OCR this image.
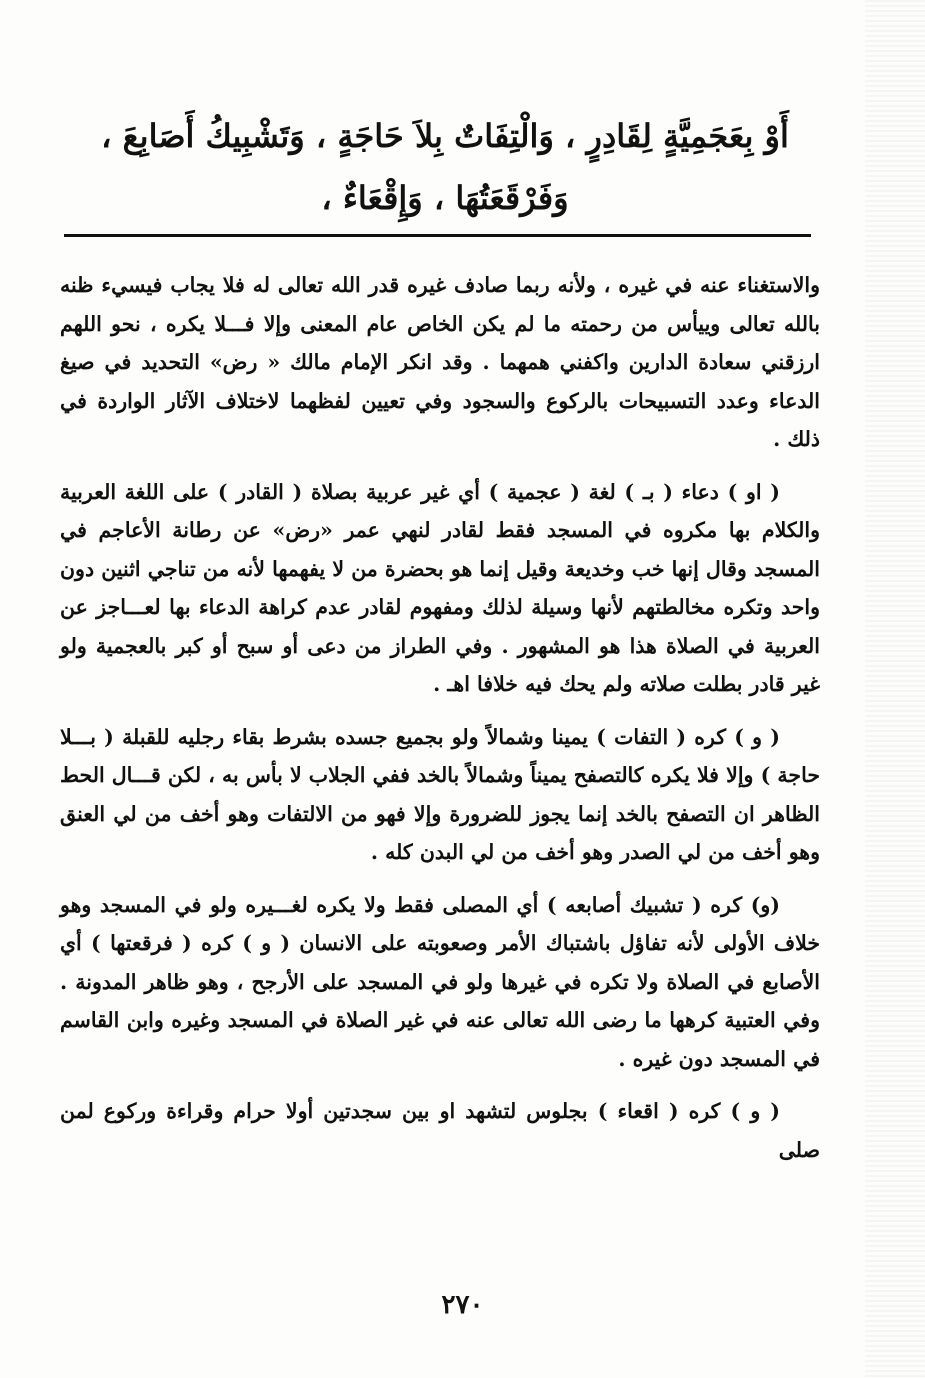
أَوْ بِعَجَمِيَّةٍ لِقَادِرٍ ، وَالْتِفَاتٌ بِلاَ حَاجَةٍ ، وَتَشْبِيكُ أَصَابِعَ ،
وَفَرْقَعَتُهَا ، وَإِقْعَاءٌ ،

والاستغناء عنه في غيره ، ولأنه ربما صادف غيره قدر الله تعالى له فلا يجاب فيسيء ظنه بالله تعالى وييأس من رحمته ما لم يكن الخاص عام المعنى وإلا فـــلا يكره ، نحو اللهم ارزقني سعادة الدارين واكفني همهما . وقد انكر الإمام مالك « رض» التحديد في صيغ الدعاء وعدد التسبيحات بالركوع والسجود وفي تعيين لفظهما لاختلاف الآثار الواردة في ذلك .

( او ) دعاء ( بـ ) لغة ( عجمية ) أي غير عربية بصلاة ( القادر ) على اللغة العربية والكلام بها مكروه في المسجد فقط لقادر لنهي عمر «رض» عن رطانة الأعاجم في المسجد وقال إنها خب وخديعة وقيل إنما هو بحضرة من لا يفهمها لأنه من تناجي اثنين دون واحد وتكره مخالطتهم لأنها وسيلة لذلك ومفهوم لقادر عدم كراهة الدعاء بها لعـــاجز عن العربية في الصلاة هذا هو المشهور . وفي الطراز من دعى أو سبح أو كبر بالعجمية ولو غير قادر بطلت صلاته ولم يحك فيه خلافا اهـ .

( و ) كره ( التفات ) يمينا وشمالاً ولو بجميع جسده بشرط بقاء رجليه للقبلة ( بـــلا حاجة ) وإلا فلا يكره كالتصفح يميناً وشمالاً بالخد ففي الجلاب لا بأس به ، لكن قـــال الحط الظاهر ان التصفح بالخد إنما يجوز للضرورة وإلا فهو من الالتفات وهو أخف من لي العنق وهو أخف من لي الصدر وهو أخف من لي البدن كله .

(و) كره ( تشبيك أصابعه ) أي المصلى فقط ولا يكره لغـــيره ولو في المسجد وهو خلاف الأولى لأنه تفاؤل باشتباك الأمر وصعوبته على الانسان ( و ) كره ( فرقعتها ) أي الأصابع في الصلاة ولا تكره في غيرها ولو في المسجد على الأرجح ، وهو ظاهر المدونة . وفي العتبية كرهها ما رضى الله تعالى عنه في غير الصلاة في المسجد وغيره وابن القاسم في المسجد دون غيره .

( و ) كره ( اقعاء ) بجلوس لتشهد او بين سجدتين أولا حرام وقراءة وركوع لمن صلى

٢٧٠
